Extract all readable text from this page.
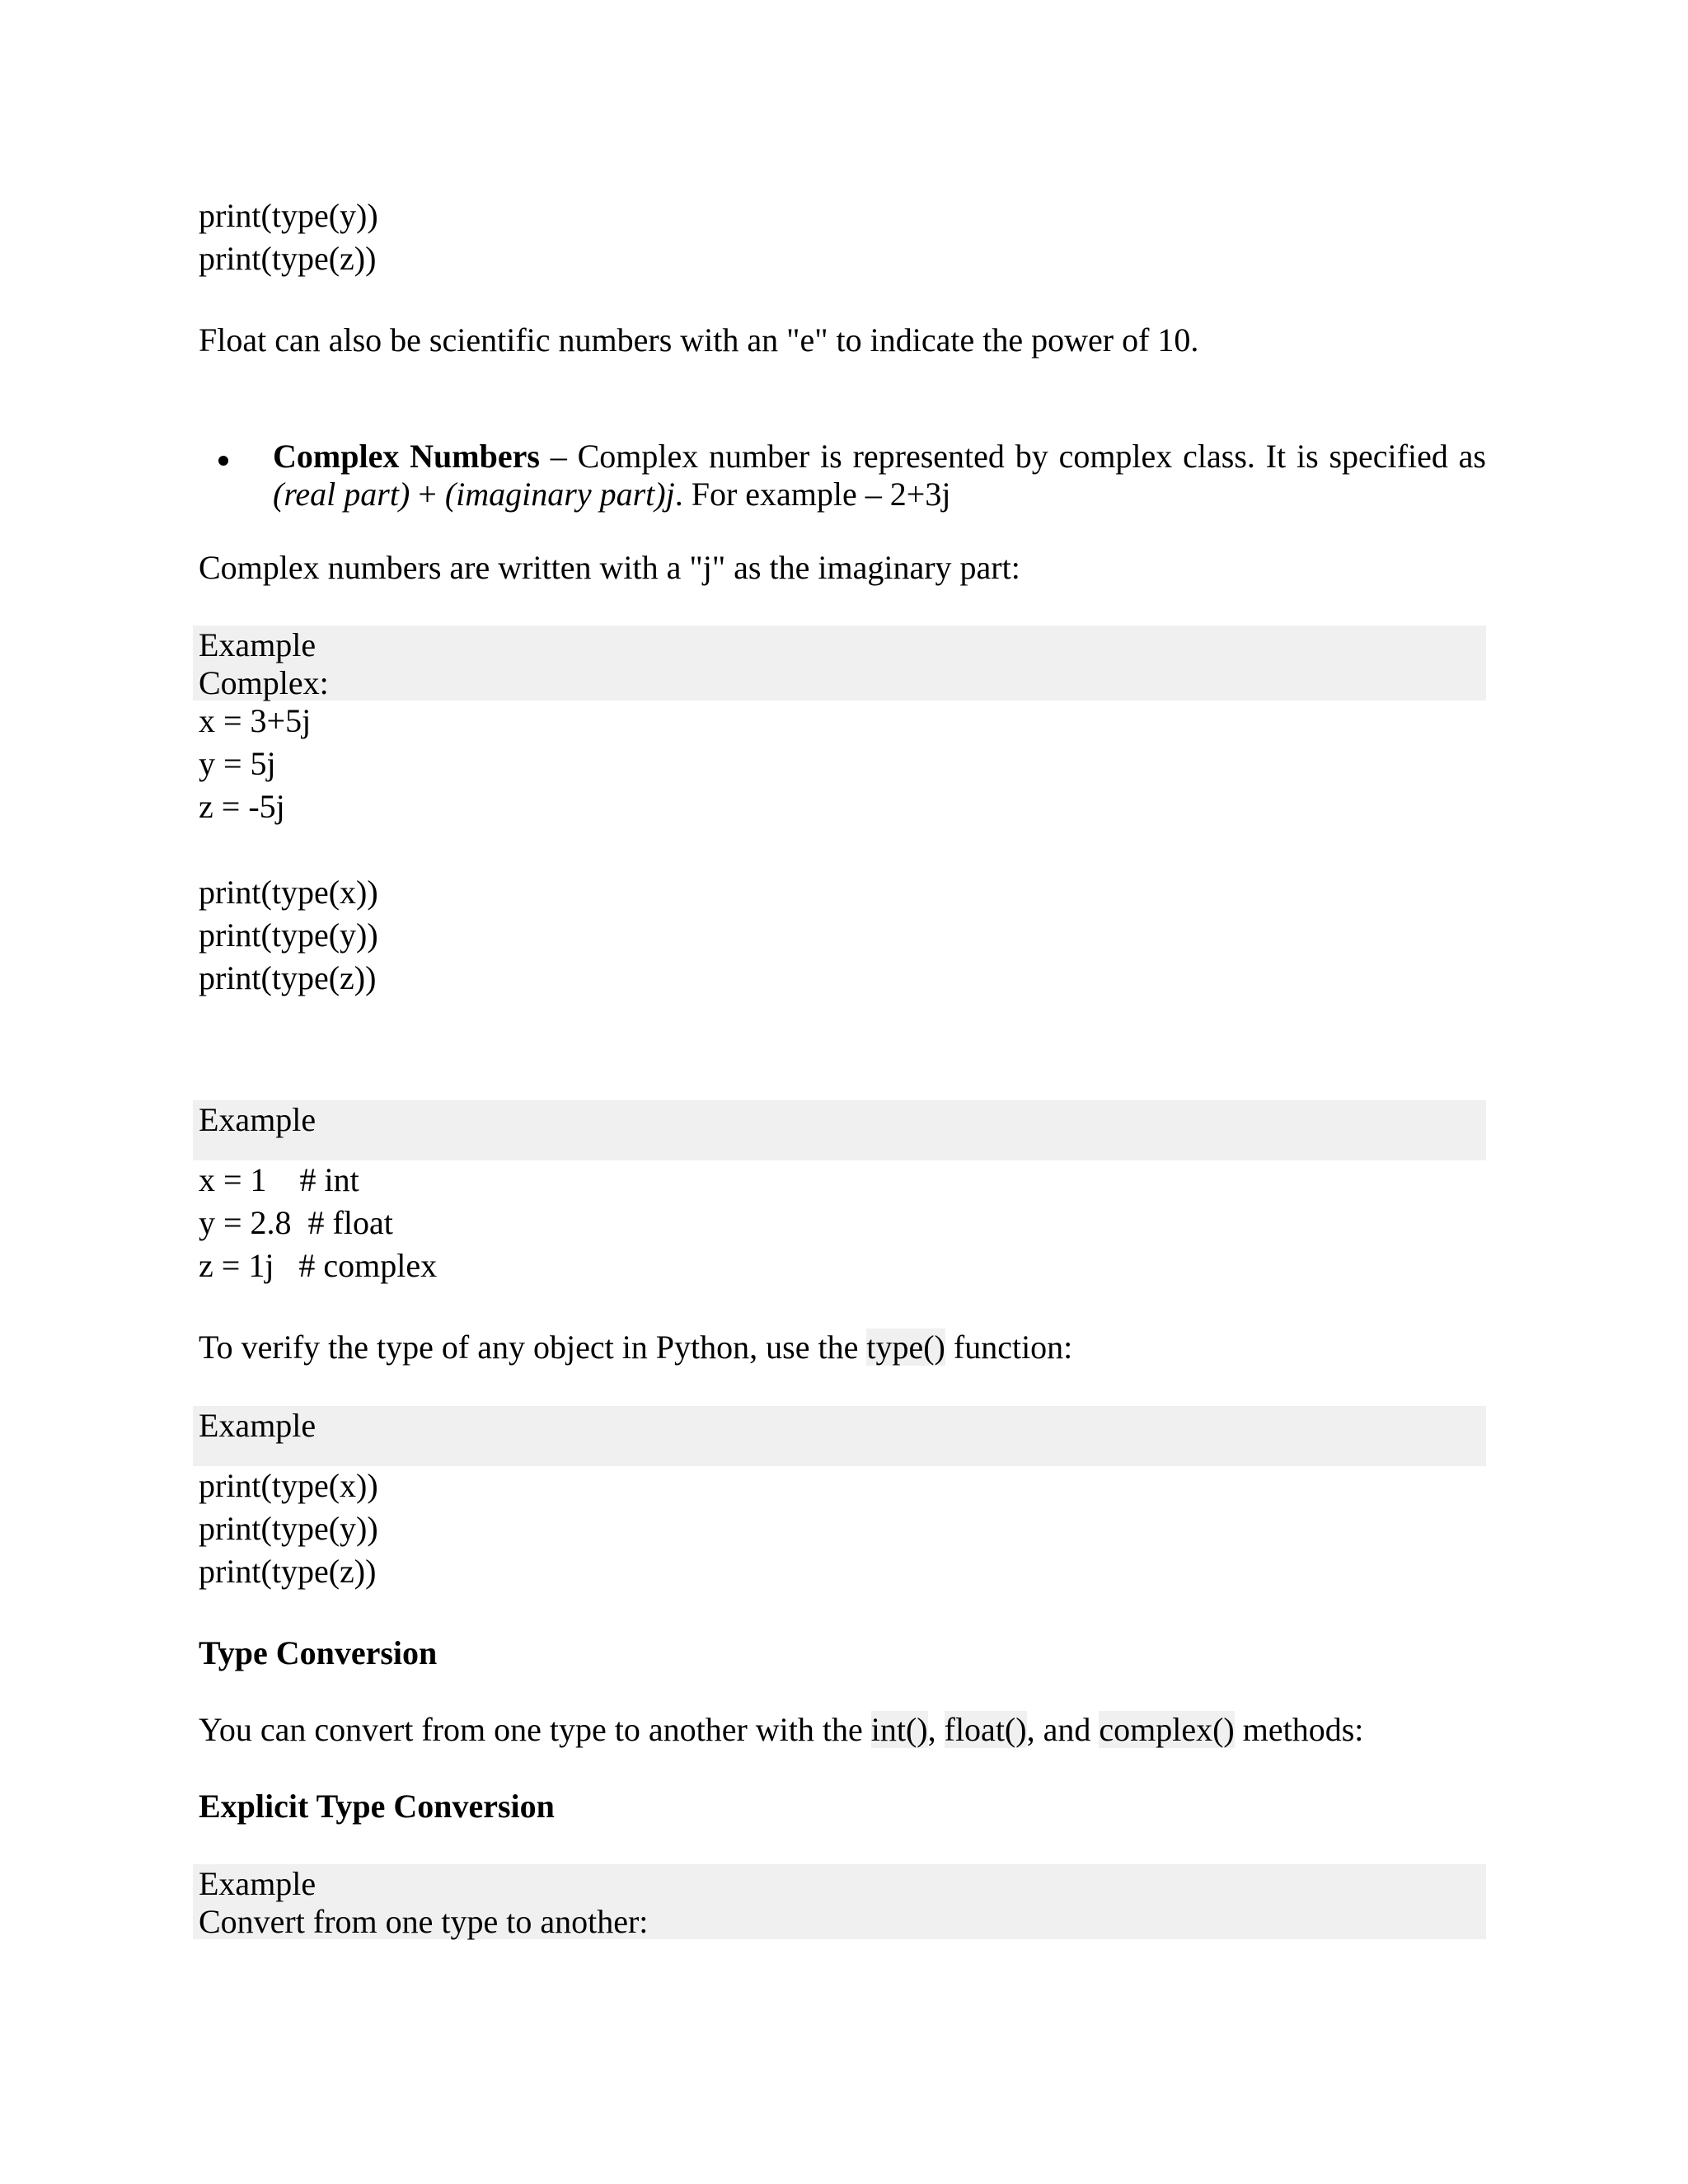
print(type(y))
print(type(z))
Float can also be scientific numbers with an "e" to indicate the power of 10.
Complex Numbers – Complex number is represented by complex class. It is specified as (real part) + (imaginary part)j. For example – 2+3j
Complex numbers are written with a "j" as the imaginary part:
Example
Complex:
x = 3+5j
y = 5j
z = -5j
print(type(x))
print(type(y))
print(type(z))
Example
x = 1    # int
y = 2.8  # float
z = 1j   # complex
To verify the type of any object in Python, use the type() function:
Example
print(type(x))
print(type(y))
print(type(z))
Type Conversion
You can convert from one type to another with the int(), float(), and complex() methods:
Explicit Type Conversion
Example
Convert from one type to another:
